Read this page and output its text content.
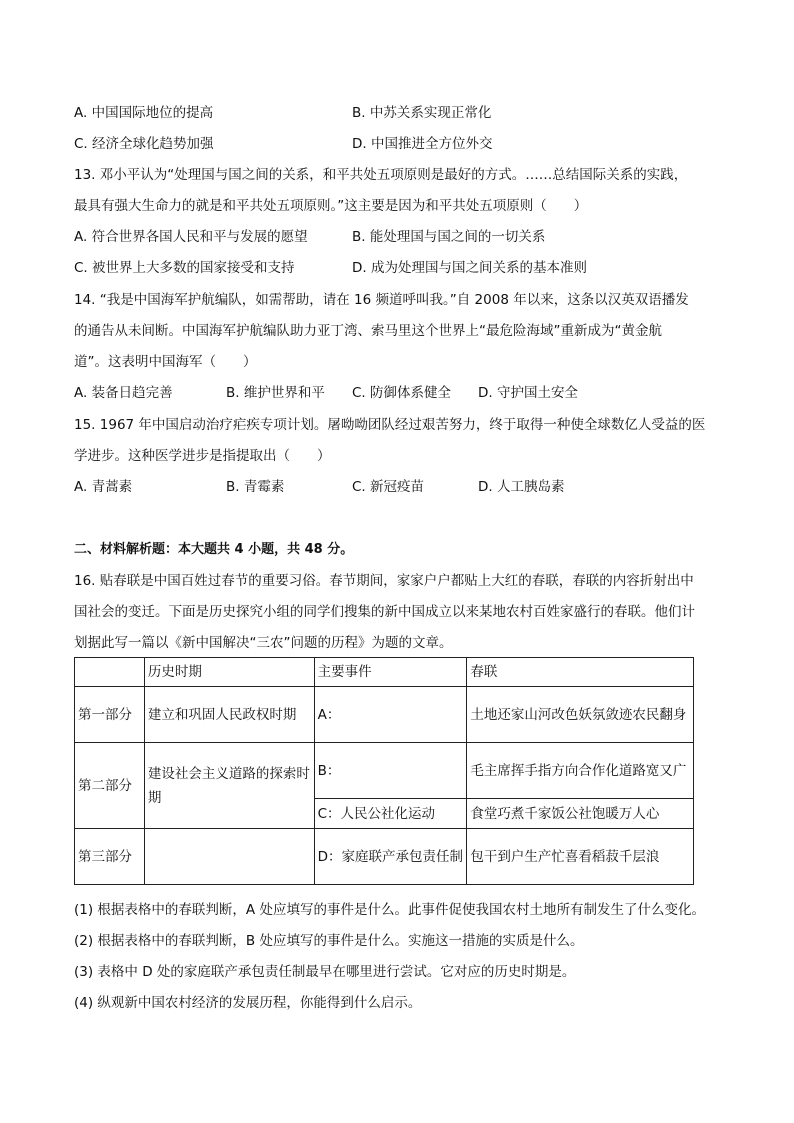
A. 中国国际地位的提高	B. 中苏关系实现正常化
C. 经济全球化趋势加强	D. 中国推进全方位外交
13. 邓小平认为“处理国与国之间的关系，和平共处五项原则是最好的方式。……总结国际关系的实践，
最具有强大生命力的就是和平共处五项原则。”这主要是因为和平共处五项原则（　　）
A. 符合世界各国人民和平与发展的愿望	B. 能处理国与国之间的一切关系
C. 被世界上大多数的国家接受和支持	D. 成为处理国与国之间关系的基本准则
14. “我是中国海军护航编队，如需帮助，请在 16 频道呼叫我。”自 2008 年以来，这条以汉英双语播发
的通告从未间断。中国海军护航编队助力亚丁湾、索马里这个世界上“最危险海域”重新成为“黄金航
道”。这表明中国海军（　　）
A. 装备日趋完善	B. 维护世界和平 C. 防御体系健全 D. 守护国土安全
15. 1967 年中国启动治疗疟疾专项计划。屠呦呦团队经过艰苦努力，终于取得一种使全球数亿人受益的医
学进步。这种医学进步是指提取出（　　）
A. 青蒿素	B. 青霉素	C. 新冠疫苗	D. 人工胰岛素
二、材料解析题：本大题共 4 小题，共 48 分。
16. 贴春联是中国百姓过春节的重要习俗。春节期间，家家户户都贴上大红的春联，春联的内容折射出中
国社会的变迁。下面是历史探究小组的同学们搜集的新中国成立以来某地农村百姓家盛行的春联。他们计
划据此写一篇以《新中国解决“三农”问题的历程》为题的文章。
	历史时期	主要事件	春联
第一部分	建立和巩固人民政权时期	A：	土地还家山河改色妖氛敛迹农民翻身
第二部分	建设社会主义道路的探索时期	B：	毛主席挥手指方向合作化道路宽又广
		C：人民公社化运动	食堂巧煮千家饭公社饱暖万人心
第三部分		D：家庭联产承包责任制	包干到户生产忙喜看稻菽千层浪
(1) 根据表格中的春联判断，A 处应填写的事件是什么。此事件促使我国农村土地所有制发生了什么变化。
(2) 根据表格中的春联判断，B 处应填写的事件是什么。实施这一措施的实质是什么。
(3) 表格中 D 处的家庭联产承包责任制最早在哪里进行尝试。它对应的历史时期是。
(4) 纵观新中国农村经济的发展历程，你能得到什么启示。
